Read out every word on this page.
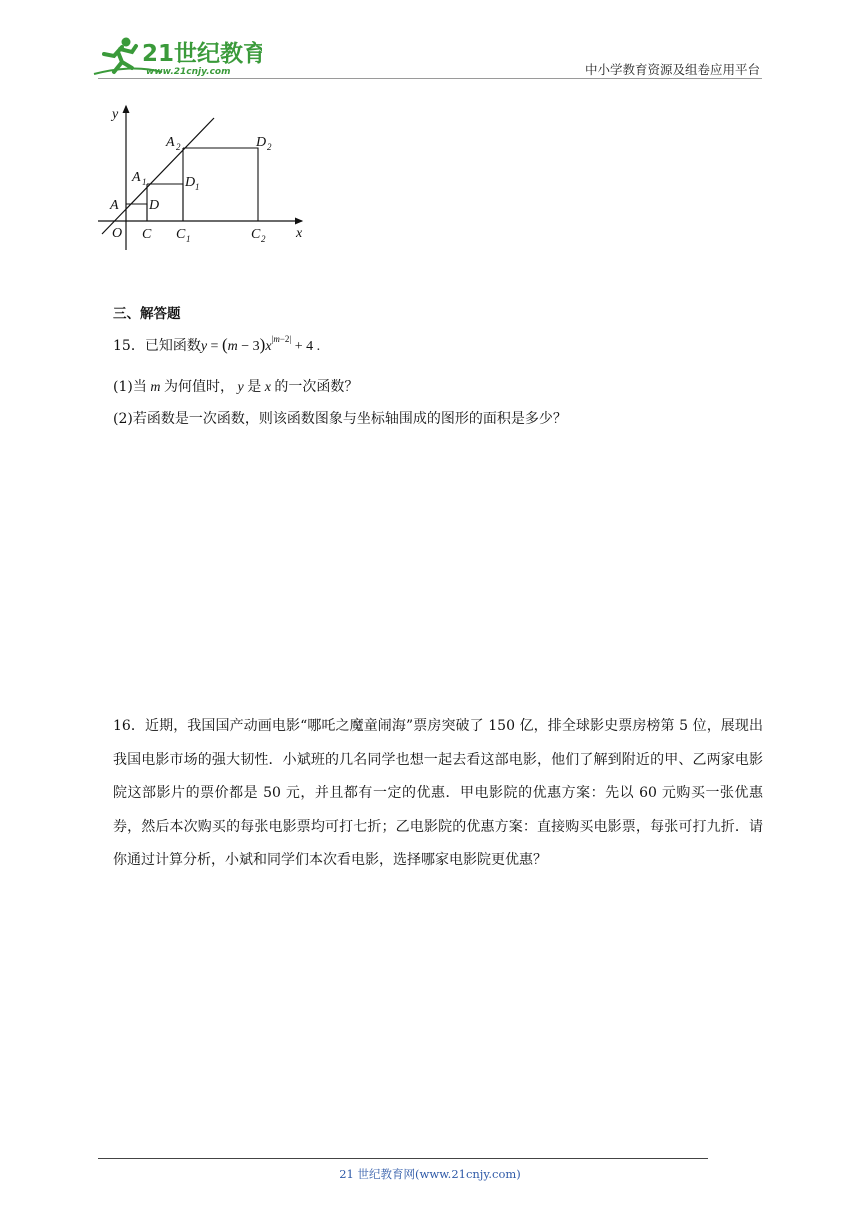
21世纪教育
www.21cnjy.com	中小学教育资源及组卷应用平台
y
x
O
A D
C
A 1	D 1
C 1
A 2	D 2
C 2
三、解答题
15．已知函数$y = (m - 3)x^{|m-2|} + 4$ .
(1)当 m 为何值时， y 是 x 的一次函数？
(2)若函数是一次函数，则该函数图象与坐标轴围成的图形的面积是多少？
16．近期，我国国产动画电影“哪吒之魔童闹海”票房突破了 150 亿，排全球影史票房榜第 5 位，展现出我国电影市场的强大韧性．小斌班的几名同学也想一起去看这部电影，他们了解到附近的甲、乙两家电影院这部影片的票价都是 50 元，并且都有一定的优惠．甲电影院的优惠方案：先以 60 元购买一张优惠券，然后本次购买的每张电影票均可打七折；乙电影院的优惠方案：直接购买电影票，每张可打九折．请你通过计算分析，小斌和同学们本次看电影，选择哪家电影院更优惠？
21 世纪教育网(www.21cnjy.com)
